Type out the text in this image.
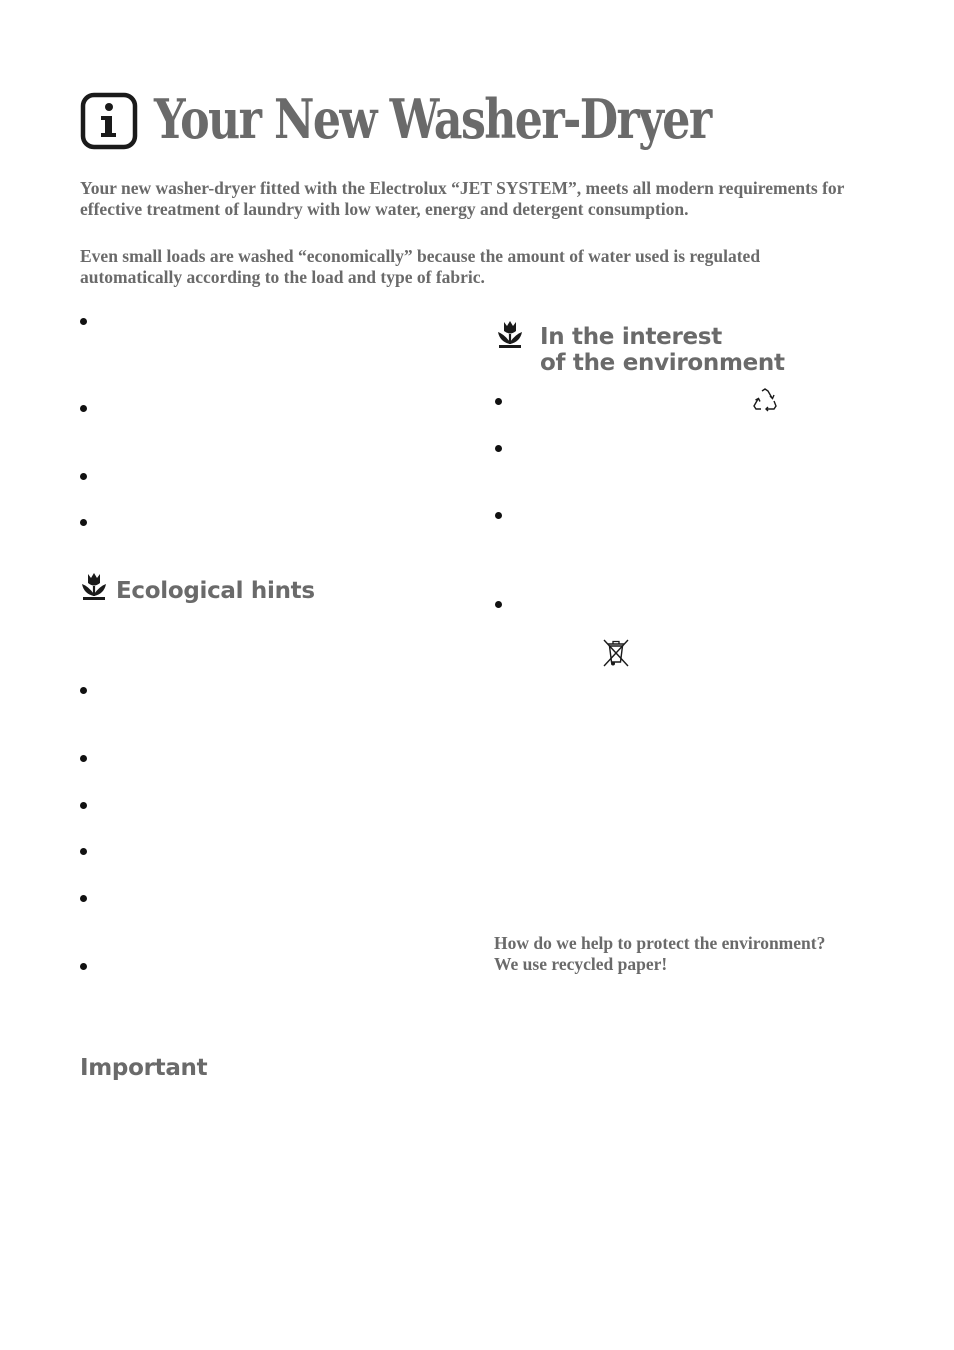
Your New Washer-Dryer

Your new washer-dryer fitted with the Electrolux “JET SYSTEM”, meets all modern requirements for effective treatment of laundry with low water, energy and detergent consumption.

Even small loads are washed “economically” because the amount of water used is regulated automatically according to the load and type of fabric.

Ecological hints
Important
In the interest
of the environment
How do we help to protect the environment?
We use recycled paper!
